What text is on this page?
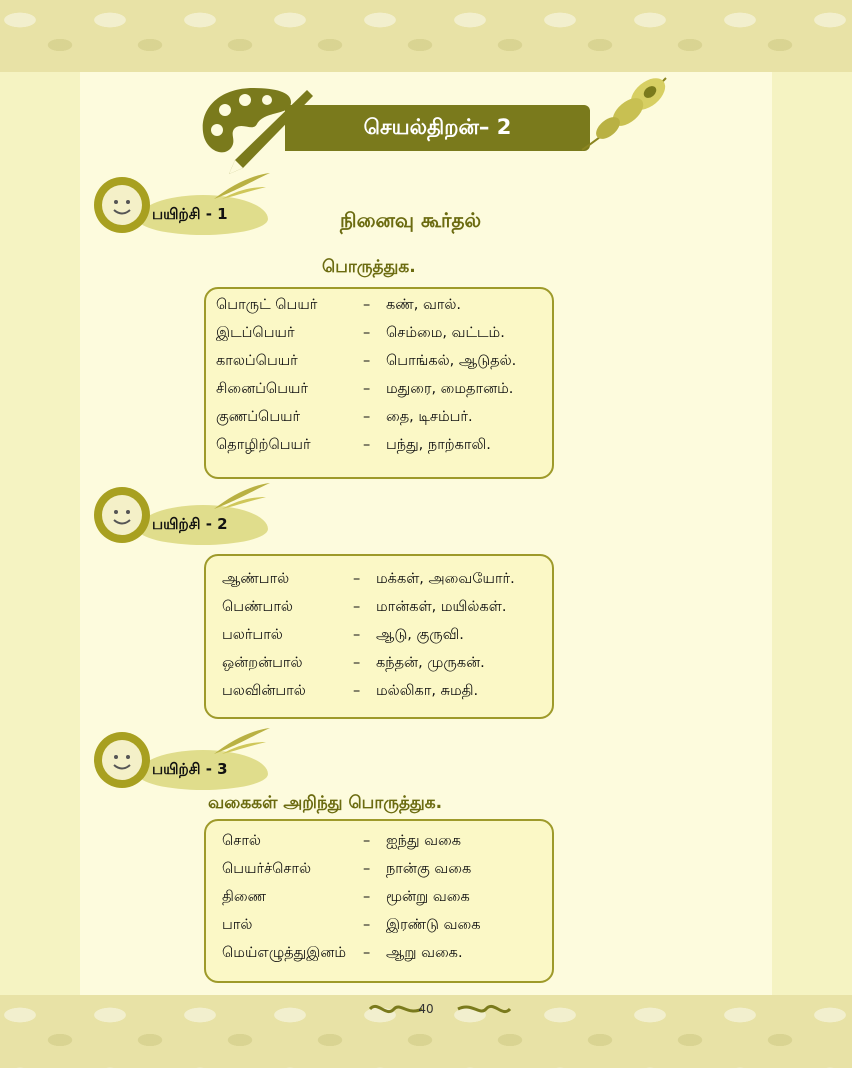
செயல்திறன்– 2
பயிற்சி - 1	நினைவு கூர்தல்
பொருத்துக.
பொருட் பெயர்	– கண், வால்.
இடப்பெயர்	– செம்மை, வட்டம்.
காலப்பெயர்	– பொங்கல், ஆடுதல்.
சினைப்பெயர்	– மதுரை, மைதானம்.
குணப்பெயர்	– தை, டிசம்பர்.
தொழிற்பெயர்	– பந்து, நாற்காலி.
பயிற்சி - 2
ஆண்பால்	– மக்கள், அவையோர்.
பெண்பால்	– மான்கள், மயில்கள்.
பலர்பால்	– ஆடு, குருவி.
ஒன்றன்பால்	– கந்தன், முருகன்.
பலவின்பால்	– மல்லிகா, சுமதி.
பயிற்சி - 3
வகைகள் அறிந்து பொருத்துக.
சொல்	– ஐந்து வகை
பெயர்ச்சொல்	– நான்கு வகை
திணை	– மூன்று வகை
பால்	– இரண்டு வகை
மெய்எழுத்துஇனம் – ஆறு வகை.
40
